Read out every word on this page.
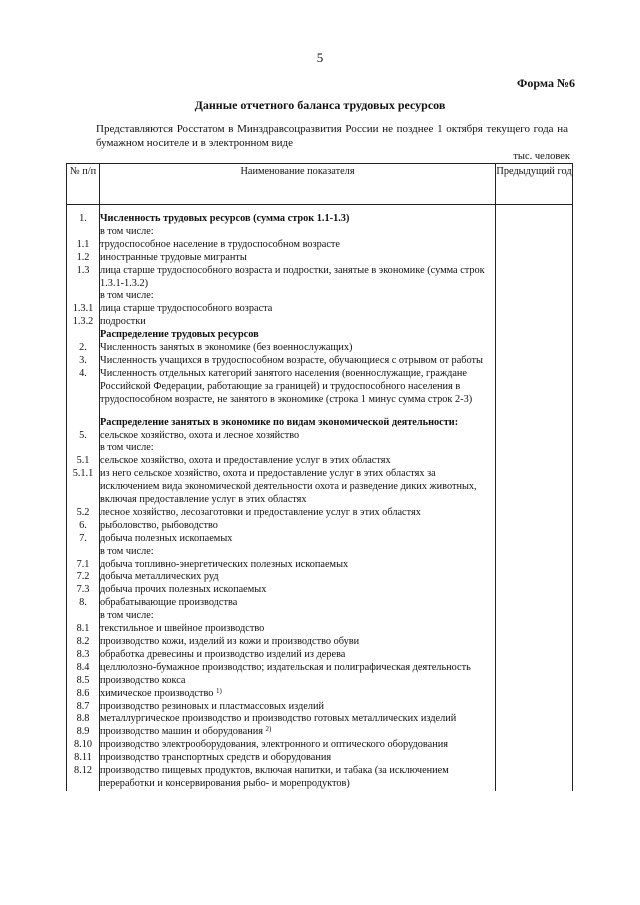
5
Форма №6
Данные отчетного баланса трудовых ресурсов
Представляются Росстатом в Минздравсоцразвития России не позднее 1 октября текущего года на бумажном носителе и в электронном виде
тыс. человек
№ п/п	Наименование показателя	Предыдущий год

1.	Численность трудовых ресурсов (сумма строк 1.1-1.3)	
	в том числе:	
1.1	трудоспособное население в трудоспособном возрасте	
1.2	иностранные трудовые мигранты	
1.3	лица старше трудоспособного возраста и подростки, занятые в экономике (сумма строк 1.3.1-1.3.2)	
	в том числе:	
1.3.1	лица старше трудоспособного возраста	
1.3.2	подростки	
	Распределение трудовых ресурсов	
2.	Численность занятых в экономике (без военнослужащих)	
3.	Численность учащихся в трудоспособном возрасте, обучающиеся с отрывом от работы	
4.	Численность отдельных категорий занятого населения (военнослужащие, граждане Российской Федерации, работающие за границей) и трудоспособного населения в трудоспособном возрасте, не занятого в экономике (строка 1 минус сумма строк 2-3)	

	Распределение занятых в экономике по видам экономической деятельности:	
5.	сельское хозяйство, охота и лесное хозяйство	
	в том числе:	
5.1	сельское хозяйство, охота и предоставление услуг в этих областях	
5.1.1	из него сельское хозяйство, охота и предоставление услуг в этих областях за исключением вида экономической деятельности охота и разведение диких животных, включая предоставление услуг в этих областях	
5.2	лесное хозяйство, лесозаготовки и предоставление услуг в этих областях	
6.	рыболовство, рыбоводство	
7.	добыча полезных ископаемых	
	в том числе:	
7.1	добыча топливно-энергетических полезных ископаемых	
7.2	добыча металлических руд	
7.3	добыча прочих полезных ископаемых	
8.	обрабатывающие производства	
	в том числе:	
8.1	текстильное и швейное производство	
8.2	производство кожи, изделий из кожи и производство обуви	
8.3	обработка древесины и производство изделий из дерева	
8.4	целлюлозно-бумажное производство; издательская и полиграфическая деятельность	
8.5	производство кокса	
8.6	химическое производство $^{1)}$	
8.7	производство резиновых и пластмассовых изделий	
8.8	металлургическое производство и производство готовых металлических изделий	
8.9	производство машин и оборудования $^{2)}$	
8.10	производство электрооборудования, электронного и оптического оборудования	
8.11	производство транспортных средств и оборудования	
8.12	производство пищевых продуктов, включая напитки, и табака (за исключением переработки и консервирования рыбо- и морепродуктов)	
